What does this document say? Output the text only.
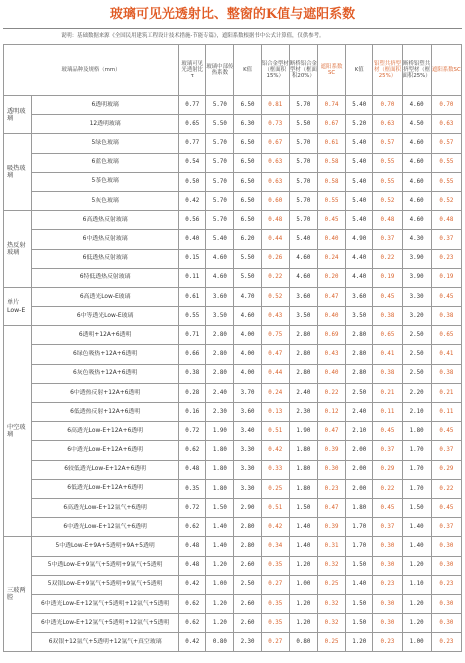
玻璃可见光透射比、整窗的K值与遮阳系数
说明：基础数据来源《全国民用建筑工程设计技术措施-节能专篇》，遮阳系数根据书中公式计算值，仅供参考。
玻璃品种及规格（mm）		玻璃可见光透射比 τ	玻璃中部传热系数	K值	铝合金型材（框面积15%）	断桥铝合金型材（框面积20%）	遮阳系数SC	K值	铝塑共挤型材（框面积25%）	断桥铝塑共挤型材（框面积25%）	遮阳系数SC
透明玻璃	6透明玻璃	0.77	5.70	6.50	0.81	5.70	0.74	5.40	0.70	4.60	0.70
	12透明玻璃	0.65	5.50	6.30	0.73	5.50	0.67	5.20	0.63	4.50	0.63
吸热玻璃	5绿色玻璃	0.77	5.70	6.50	0.67	5.70	0.61	5.40	0.57	4.60	0.57
	6蓝色玻璃	0.54	5.70	6.50	0.63	5.70	0.58	5.40	0.55	4.60	0.55
	5茶色玻璃	0.50	5.70	6.50	0.63	5.70	0.58	5.40	0.55	4.60	0.55
	5灰色玻璃	0.42	5.70	6.50	0.60	5.70	0.55	5.40	0.52	4.60	0.52
热反射玻璃	6高透热反射玻璃	0.56	5.70	6.50	0.48	5.70	0.45	5.40	0.48	4.60	0.48
	6中透热反射玻璃	0.40	5.40	6.20	0.44	5.40	0.40	4.90	0.37	4.30	0.37
	6低透热反射玻璃	0.15	4.60	5.50	0.26	4.60	0.24	4.40	0.22	3.90	0.23
	6特低透热反射玻璃	0.11	4.60	5.50	0.22	4.60	0.20	4.40	0.19	3.90	0.19
单片Low-E	6高透光Low-E玻璃	0.61	3.60	4.70	0.52	3.60	0.47	3.60	0.45	3.30	0.45
	6中等透光Low-E玻璃	0.55	3.50	4.60	0.43	3.50	0.40	3.50	0.38	3.20	0.38
中空玻璃	6透明+12A+6透明	0.71	2.80	4.00	0.75	2.80	0.69	2.80	0.65	2.50	0.65
	6绿色吸热+12A+6透明	0.66	2.80	4.00	0.47	2.80	0.43	2.80	0.41	2.50	0.41
	6灰色吸热+12A+6透明	0.38	2.80	4.00	0.44	2.80	0.40	2.80	0.38	2.50	0.38
	6中透热反射+12A+6透明	0.28	2.40	3.70	0.24	2.40	0.22	2.50	0.21	2.20	0.21
	6低透热反射+12A+6透明	0.16	2.30	3.60	0.13	2.30	0.12	2.40	0.11	2.10	0.11
	6高透光Low-E+12A+6透明	0.72	1.90	3.40	0.51	1.90	0.47	2.10	0.45	1.80	0.45
	6中透光Low-E+12A+6透明	0.62	1.80	3.30	0.42	1.80	0.39	2.00	0.37	1.70	0.37
	6较低透光Low-E+12A+6透明	0.48	1.80	3.30	0.33	1.80	0.30	2.00	0.29	1.70	0.29
	6低透光Low-E+12A+6透明	0.35	1.80	3.30	0.25	1.80	0.23	2.00	0.22	1.70	0.22
	6高透光Low-E+12氩气+6透明	0.72	1.50	2.90	0.51	1.50	0.47	1.80	0.45	1.50	0.45
	6中透光Low-E+12氩气+6透明	0.62	1.40	2.80	0.42	1.40	0.39	1.70	0.37	1.40	0.37
三玻两腔	5中透Low-E+9A+5透明+9A+5透明	0.48	1.40	2.80	0.34	1.40	0.31	1.70	0.30	1.40	0.30
	5中透Low-E+9氩气+5透明+9氩气+5透明	0.48	1.20	2.60	0.35	1.20	0.32	1.50	0.30	1.20	0.30
	5双银Low-E+9氩气+5透明+9氩气+5透明	0.42	1.00	2.50	0.27	1.00	0.25	1.40	0.23	1.10	0.23
	6中透光Low-E+12氩气+5透明+12氩气+5透明	0.62	1.20	2.60	0.35	1.20	0.32	1.50	0.30	1.20	0.30
	6中透光Low-E+12氩气+5透明+12氩气+5透明	0.62	1.20	2.60	0.35	1.20	0.32	1.50	0.30	1.20	0.30
	6双银+12氩气+5透明+12氩气+真空玻璃	0.42	0.80	2.30	0.27	0.80	0.25	1.20	0.23	1.00	0.23
